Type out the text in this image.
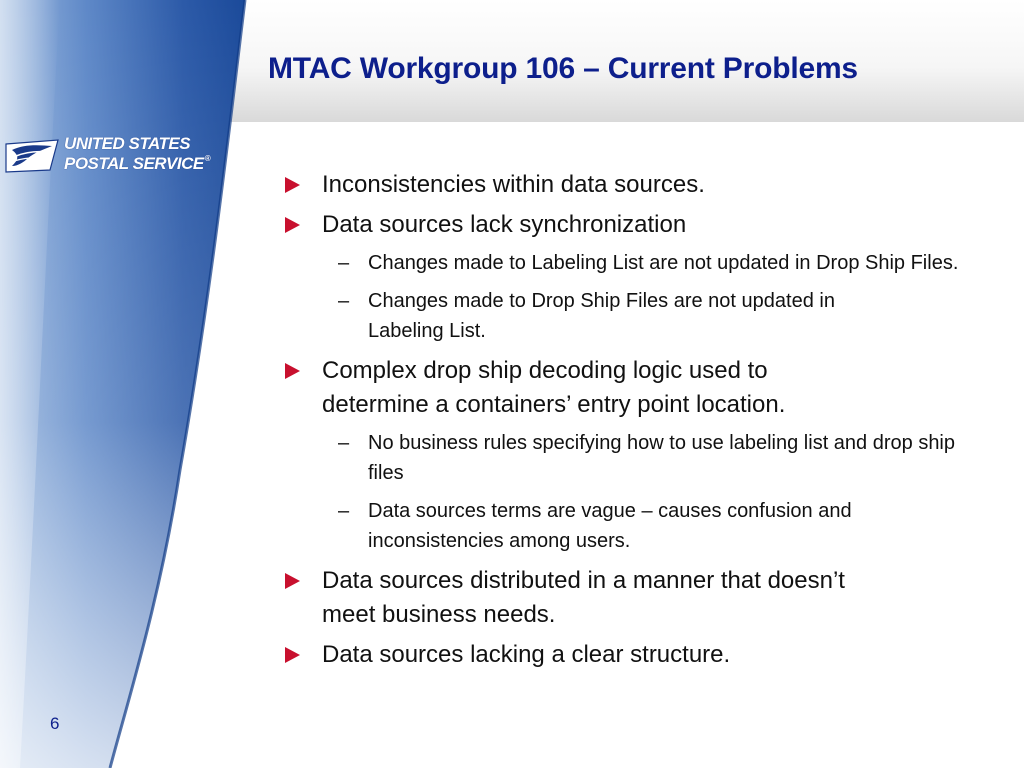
MTAC Workgroup 106 – Current Problems
UNITED STATES
POSTAL SERVICE®
Inconsistencies within data sources.
Data sources lack synchronization
– Changes made to Labeling List are not updated in Drop Ship Files.
– Changes made to Drop Ship Files are not updated in Labeling List.
Complex drop ship decoding logic used to determine a containers’ entry point location.
– No business rules specifying how to use labeling list and drop ship files
– Data sources terms are vague – causes confusion and inconsistencies among users.
Data sources distributed in a manner that doesn’t meet business needs.
Data sources lacking a clear structure.
6
